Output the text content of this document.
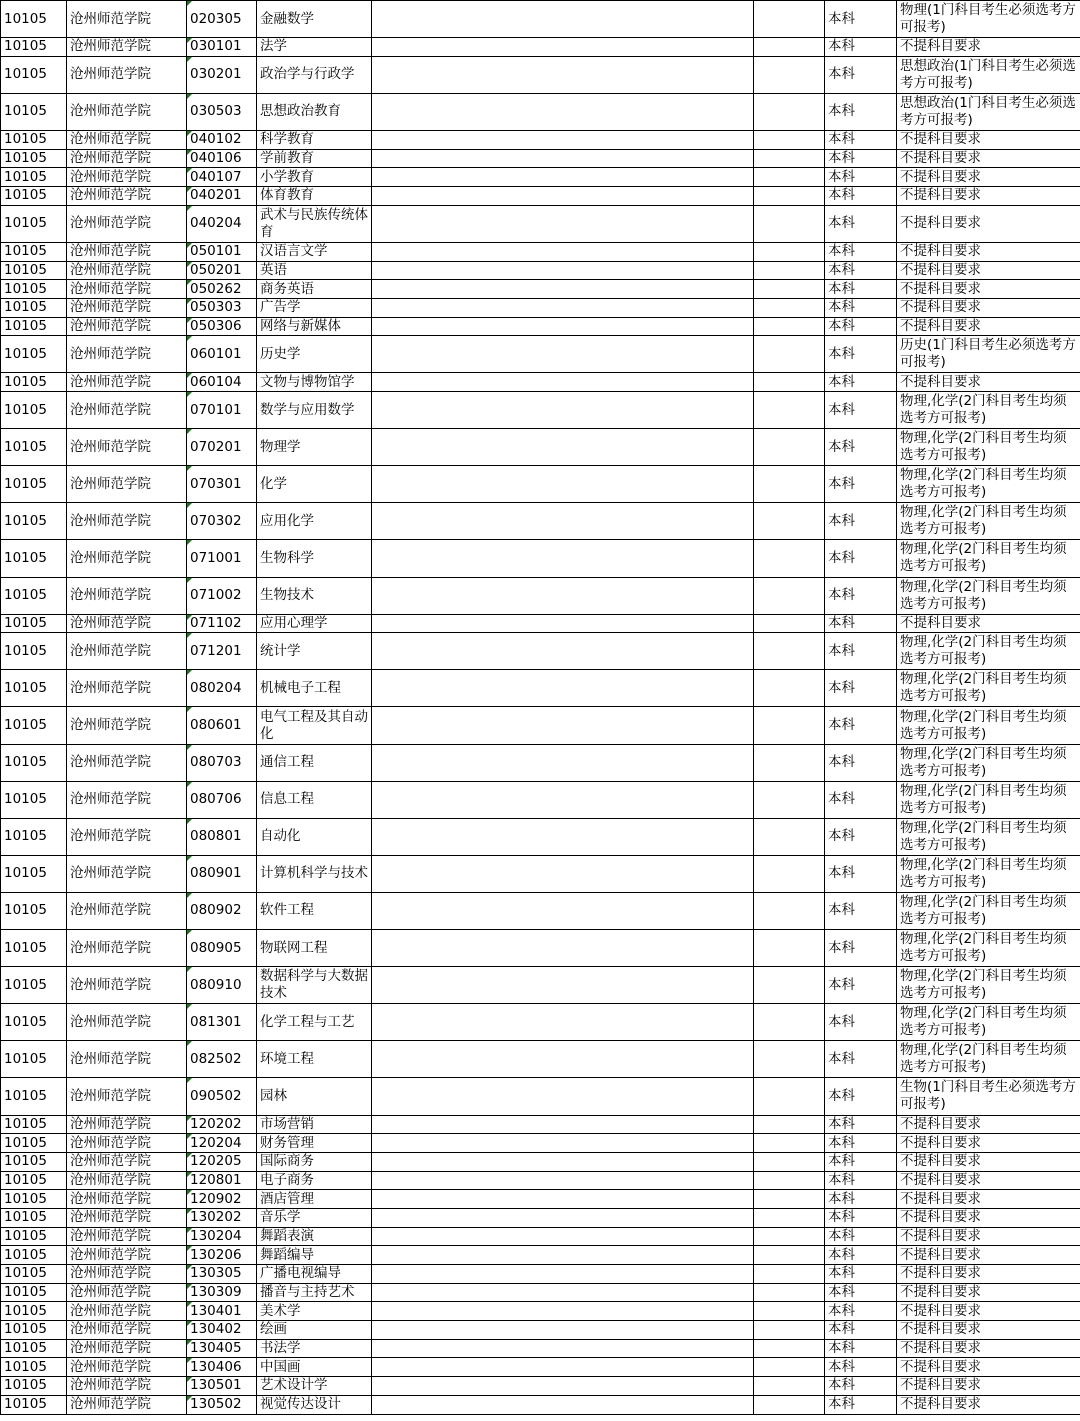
10105	沧州师范学院	020305	金融数学			本科	物理(1门科目考生必须选考方可报考)
10105	沧州师范学院	030101	法学			本科	不提科目要求
10105	沧州师范学院	030201	政治学与行政学			本科	思想政治(1门科目考生必须选考方可报考)
10105	沧州师范学院	030503	思想政治教育			本科	思想政治(1门科目考生必须选考方可报考)
10105	沧州师范学院	040102	科学教育			本科	不提科目要求
10105	沧州师范学院	040106	学前教育			本科	不提科目要求
10105	沧州师范学院	040107	小学教育			本科	不提科目要求
10105	沧州师范学院	040201	体育教育			本科	不提科目要求
10105	沧州师范学院	040204	武术与民族传统体育			本科	不提科目要求
10105	沧州师范学院	050101	汉语言文学			本科	不提科目要求
10105	沧州师范学院	050201	英语			本科	不提科目要求
10105	沧州师范学院	050262	商务英语			本科	不提科目要求
10105	沧州师范学院	050303	广告学			本科	不提科目要求
10105	沧州师范学院	050306	网络与新媒体			本科	不提科目要求
10105	沧州师范学院	060101	历史学			本科	历史(1门科目考生必须选考方可报考)
10105	沧州师范学院	060104	文物与博物馆学			本科	不提科目要求
10105	沧州师范学院	070101	数学与应用数学			本科	物理,化学(2门科目考生均须选考方可报考)
10105	沧州师范学院	070201	物理学			本科	物理,化学(2门科目考生均须选考方可报考)
10105	沧州师范学院	070301	化学			本科	物理,化学(2门科目考生均须选考方可报考)
10105	沧州师范学院	070302	应用化学			本科	物理,化学(2门科目考生均须选考方可报考)
10105	沧州师范学院	071001	生物科学			本科	物理,化学(2门科目考生均须选考方可报考)
10105	沧州师范学院	071002	生物技术			本科	物理,化学(2门科目考生均须选考方可报考)
10105	沧州师范学院	071102	应用心理学			本科	不提科目要求
10105	沧州师范学院	071201	统计学			本科	物理,化学(2门科目考生均须选考方可报考)
10105	沧州师范学院	080204	机械电子工程			本科	物理,化学(2门科目考生均须选考方可报考)
10105	沧州师范学院	080601	电气工程及其自动化			本科	物理,化学(2门科目考生均须选考方可报考)
10105	沧州师范学院	080703	通信工程			本科	物理,化学(2门科目考生均须选考方可报考)
10105	沧州师范学院	080706	信息工程			本科	物理,化学(2门科目考生均须选考方可报考)
10105	沧州师范学院	080801	自动化			本科	物理,化学(2门科目考生均须选考方可报考)
10105	沧州师范学院	080901	计算机科学与技术			本科	物理,化学(2门科目考生均须选考方可报考)
10105	沧州师范学院	080902	软件工程			本科	物理,化学(2门科目考生均须选考方可报考)
10105	沧州师范学院	080905	物联网工程			本科	物理,化学(2门科目考生均须选考方可报考)
10105	沧州师范学院	080910	数据科学与大数据技术			本科	物理,化学(2门科目考生均须选考方可报考)
10105	沧州师范学院	081301	化学工程与工艺			本科	物理,化学(2门科目考生均须选考方可报考)
10105	沧州师范学院	082502	环境工程			本科	物理,化学(2门科目考生均须选考方可报考)
10105	沧州师范学院	090502	园林			本科	生物(1门科目考生必须选考方可报考)
10105	沧州师范学院	120202	市场营销			本科	不提科目要求
10105	沧州师范学院	120204	财务管理			本科	不提科目要求
10105	沧州师范学院	120205	国际商务			本科	不提科目要求
10105	沧州师范学院	120801	电子商务			本科	不提科目要求
10105	沧州师范学院	120902	酒店管理			本科	不提科目要求
10105	沧州师范学院	130202	音乐学			本科	不提科目要求
10105	沧州师范学院	130204	舞蹈表演			本科	不提科目要求
10105	沧州师范学院	130206	舞蹈编导			本科	不提科目要求
10105	沧州师范学院	130305	广播电视编导			本科	不提科目要求
10105	沧州师范学院	130309	播音与主持艺术			本科	不提科目要求
10105	沧州师范学院	130401	美术学			本科	不提科目要求
10105	沧州师范学院	130402	绘画			本科	不提科目要求
10105	沧州师范学院	130405	书法学			本科	不提科目要求
10105	沧州师范学院	130406	中国画			本科	不提科目要求
10105	沧州师范学院	130501	艺术设计学			本科	不提科目要求
10105	沧州师范学院	130502	视觉传达设计			本科	不提科目要求
